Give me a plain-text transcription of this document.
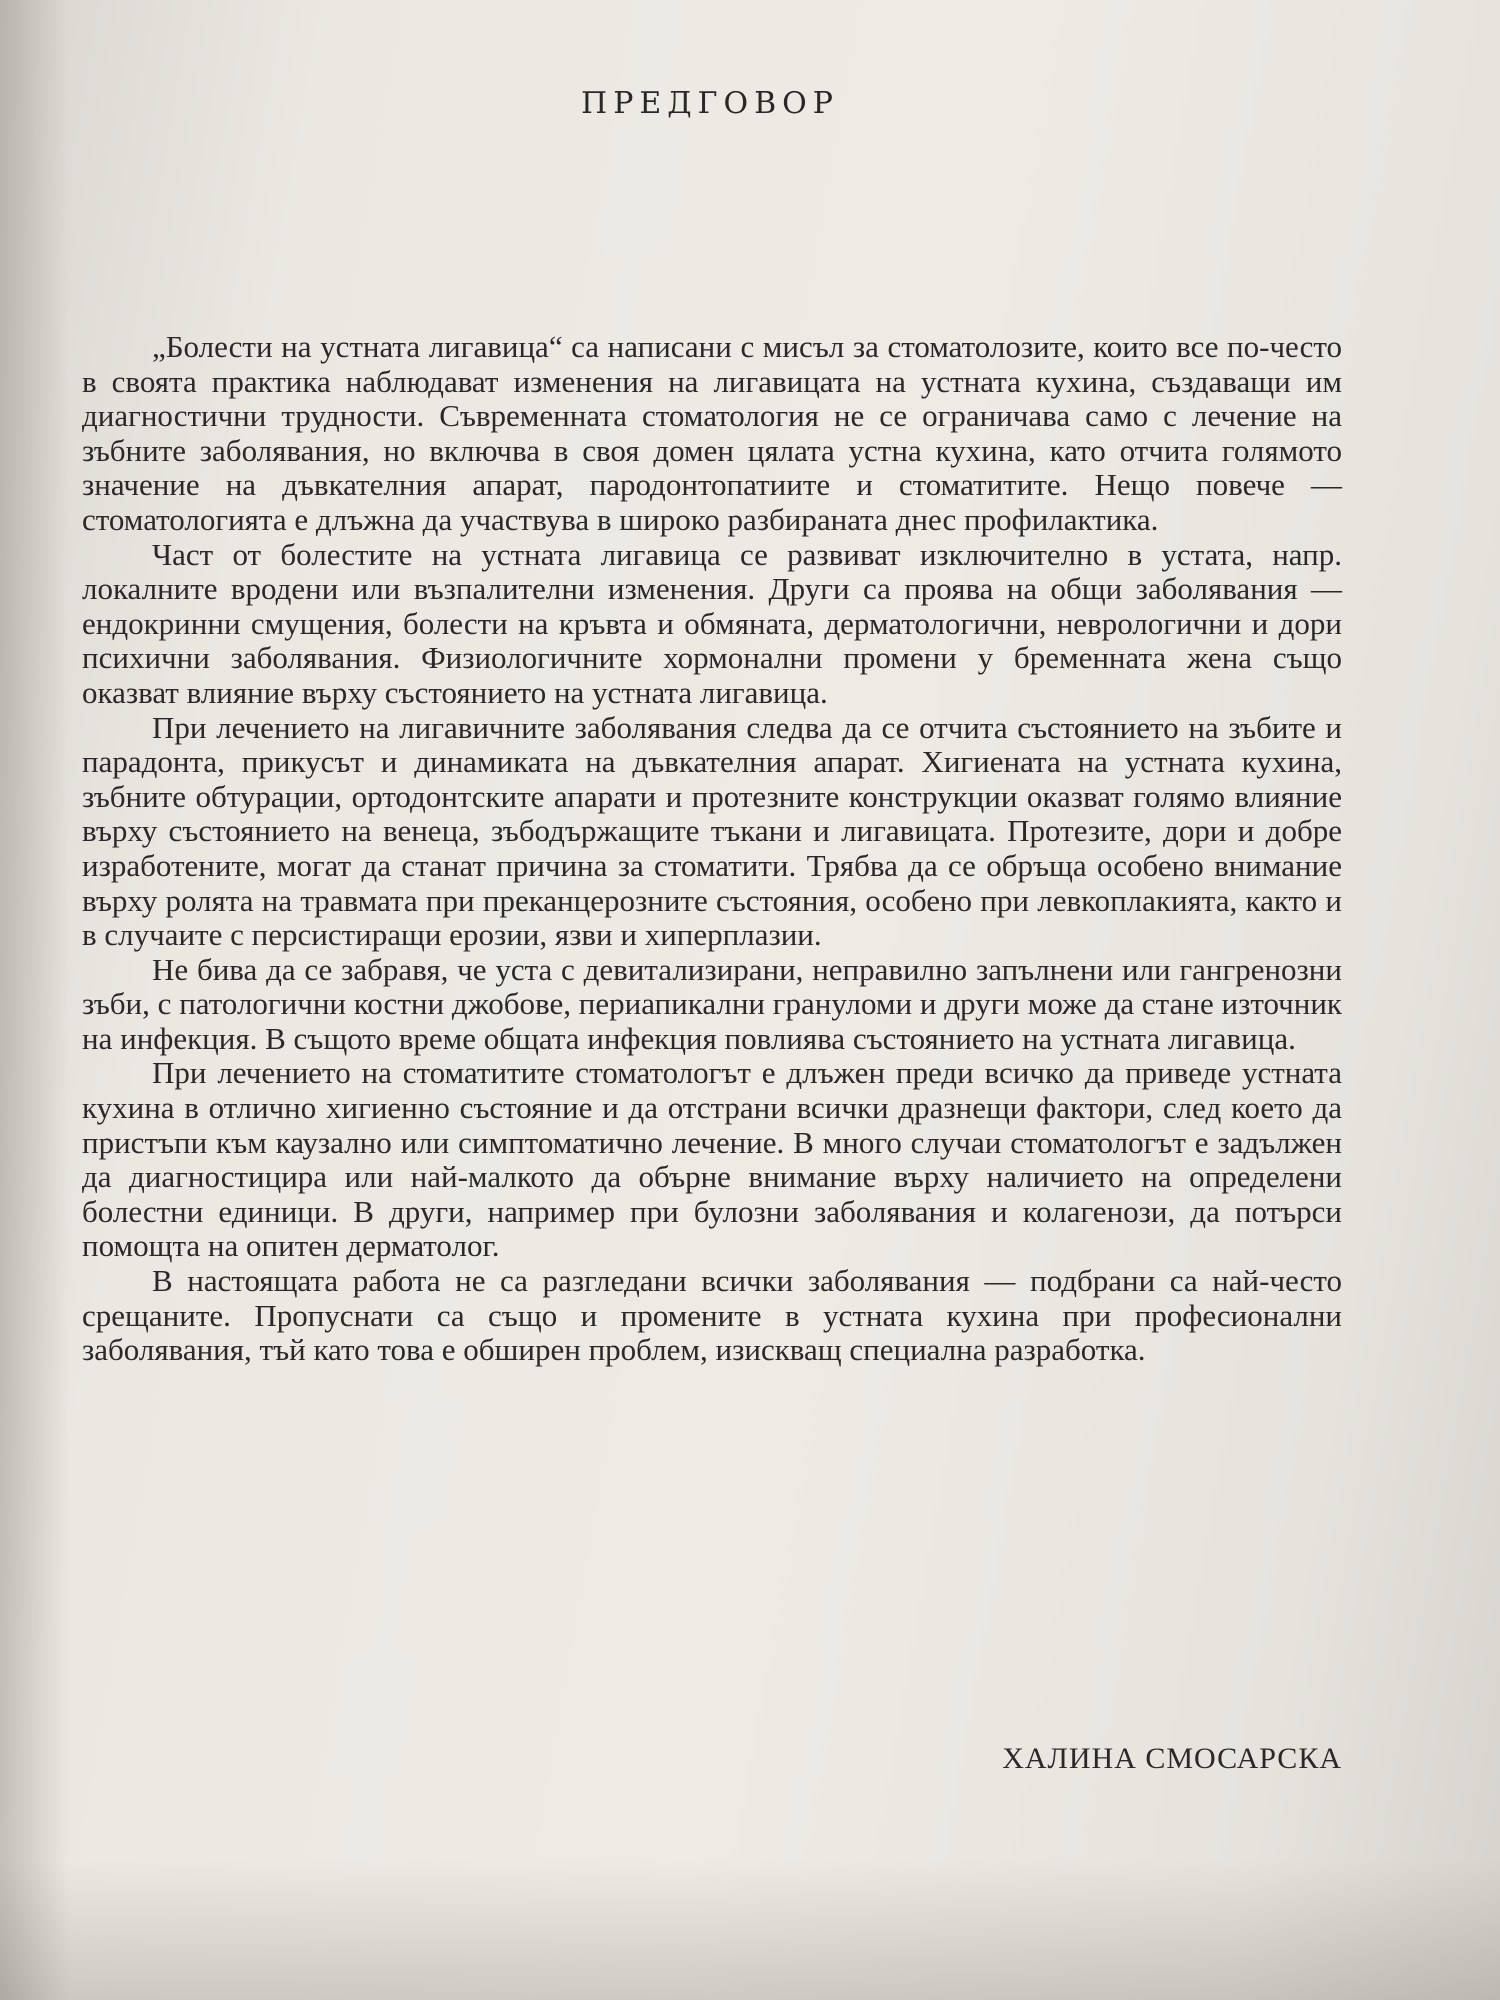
ПРЕДГОВОР

„Болести на устната лигавица“ са написани с мисъл за стоматолозите, които все по-често в своята практика наблюдават изменения на лигавицата на устната кухина, създаващи им диагностични трудности. Съвременната стоматология не се ограничава само с лечение на зъбните заболявания, но включва в своя домен цялата устна кухина, като отчита голямото значение на дъвкателния апарат, пародонтопатиите и стоматитите. Нещо повече — стоматологията е длъжна да участвува в широко разбираната днес профилактика.

Част от болестите на устната лигавица се развиват изключително в устата, напр. локалните вродени или възпалителни изменения. Други са проява на общи заболявания — ендокринни смущения, болести на кръвта и обмяната, дерматологични, неврологични и дори психични заболявания. Физиологичните хормонални промени у бременната жена също оказват влияние върху състоянието на устната лигавица.

При лечението на лигавичните заболявания следва да се отчита състоянието на зъбите и парадонта, прикусът и динамиката на дъвкателния апарат. Хигиената на устната кухина, зъбните обтурации, ортодонтските апарати и протезните конструкции оказват голямо влияние върху състоянието на венеца, зъбодържащите тъкани и лигавицата. Протезите, дори и добре изработените, могат да станат причина за стоматити. Трябва да се обръща особено внимание върху ролята на травмата при преканцерозните състояния, особено при левкоплакията, както и в случаите с персистиращи ерозии, язви и хиперплазии.

Не бива да се забравя, че уста с девитализирани, неправилно запълнени или гангренозни зъби, с патологични костни джобове, периапикални грануломи и други може да стане източник на инфекция. В същото време общата инфекция повлиява състоянието на устната лигавица.

При лечението на стоматитите стоматологът е длъжен преди всичко да приведе устната кухина в отлично хигиенно състояние и да отстрани всички дразнещи фактори, след което да пристъпи към каузално или симптоматично лечение. В много случаи стоматологът е задължен да диагностицира или най-малкото да обърне внимание върху наличието на определени болестни единици. В други, например при булозни заболявания и колагенози, да потърси помощта на опитен дерматолог.

В настоящата работа не са разгледани всички заболявания — подбрани са най-често срещаните. Пропуснати са също и промените в устната кухина при професионални заболявания, тъй като това е обширен проблем, изискващ специална разработка.

ХАЛИНА СМОСАРСКА
